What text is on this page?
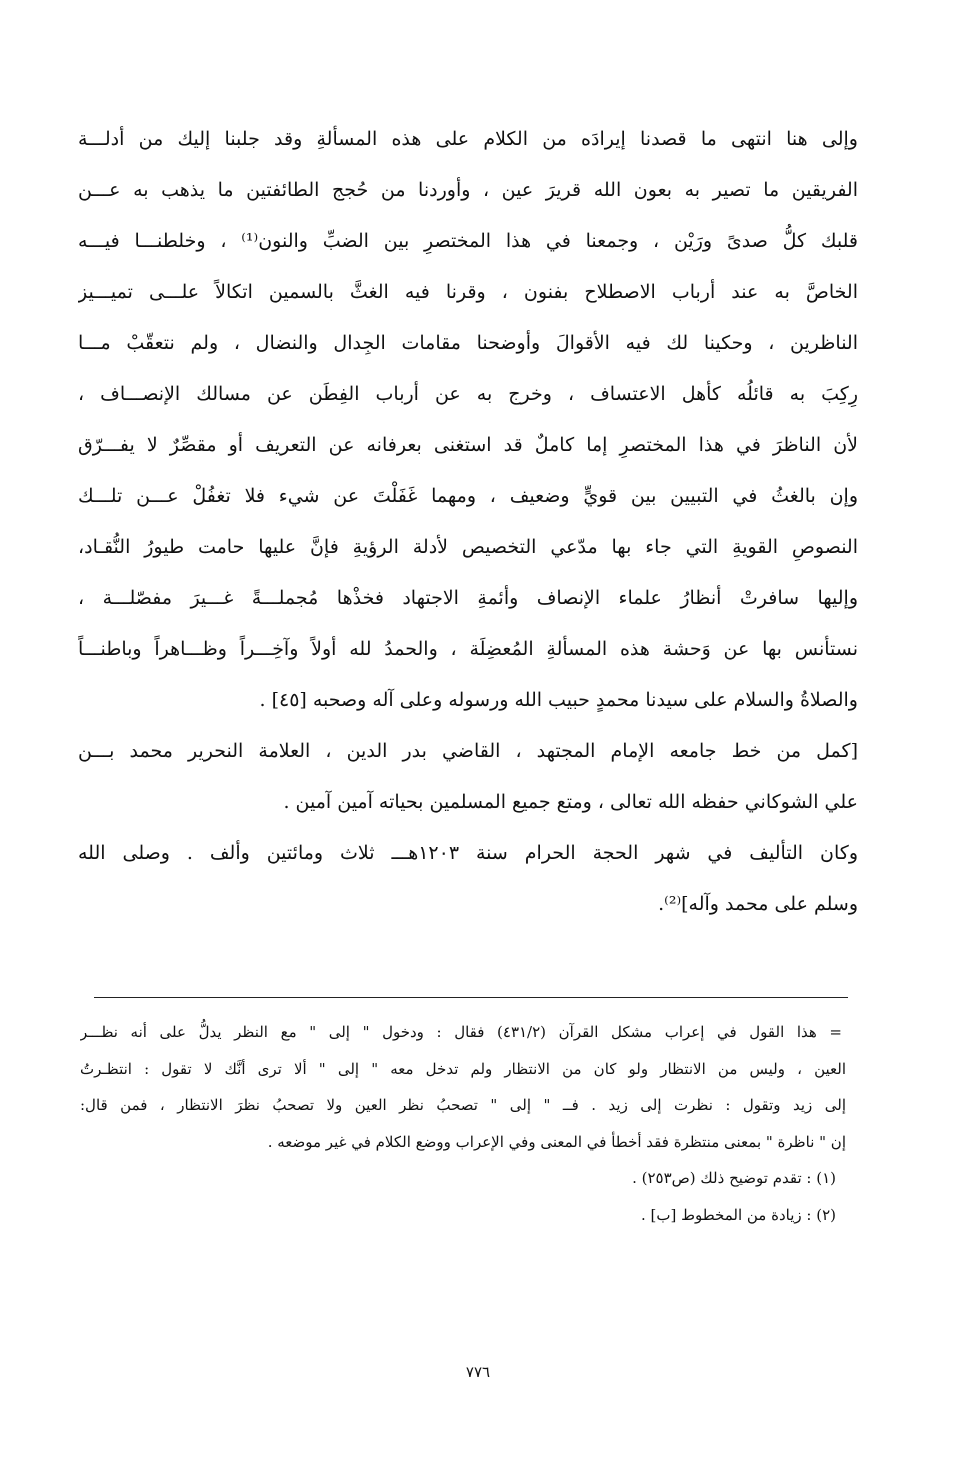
وإلى هنا انتهى ما قصدنا إيرادَه من الكلام على هذه المسألةِ وقد جلبنا إليك من أدلـــة
الفريقين ما تصير به بعون الله قريرَ عين ، وأوردنا من حُجج الطائفتين ما يذهب به عـــن
قلبك كلُّ صدىً ورَيْن ، وجمعنا في هذا المختصرِ بين الضبِّ والنون⁽¹⁾ ، وخلطنـــا فيـــه
الخاصَّ به عند أرباب الاصطلاح بفنون ، وقرنا فيه الغثَّ بالسمين اتكالاً علـــى تميـــيز
الناظرين ، وحكينا لك فيه الأقوالَ وأوضحنا مقامات الجِدال والنضال ، ولم نتعقّبْ مـــا
رِكِبَ به قائلُه كأهل الاعتساف ، وخرج به عن أرباب الفِطَن عن مسالك الإنصـــاف ،
لأن الناظرَ في هذا المختصرِ إما كاملٌ قد استغنى بعرفانه عن التعريف أو مقصِّرٌ لا يفـــرّق
وإن بالغثُ في التبيين بين قويٍّ وضعيف ، ومهما غَفَلْتَ عن شيء فلا تغفُلْ عـــن تلـــك
النصوصِ القويةِ التي جاء بها مدّعي التخصيص لأدلة الرؤيةِ فإنَّ عليها حامت طيورُ النُّقـاد،
وإليها سافرتْ أنظارُ علماء الإنصاف وأئمةِ الاجتهاد فخذْها مُجملـــةً غـــيرَ مفصّلـــة ،
نستأنس بها عن وَحشة هذه المسألةِ المُعضِلَة ، والحمدُ لله أولاً وآخِـــراً وظـــاهراً وباطنـــاً
والصلاةُ والسلام على سيدنا محمدٍ حبيب الله ورسوله وعلى آله وصحبه [٤٥] .
[كمل من خط جامعه الإمام المجتهد ، القاضي بدر الدين ، العلامة النحرير محمد بـــن
علي الشوكاني حفظه الله تعالى ، ومتع جميع المسلمين بحياته آمين آمين .
وكان التأليف في شهر الحجة الحرام سنة ١٢٠٣هـــ ثلاث ومائتين وألف . وصلى الله
وسلم على محمد وآله]⁽²⁾.
= هذا القول في إعراب مشكل القرآن (٤٣١/٢) فقال : ودخول " إلى " مع النظر يدلُّ على أنه نظـــر
العين ، وليس من الانتظار ولو كان من الانتظار ولم تدخل معه " إلى " ألا ترى أنَّك لا تقول : انتظـرتُ
إلى زيد وتقول : نظرت إلى زيد . فــ " إلى " تصحبُ نظر العين ولا تصحبُ نظرَ الانتظار ، فمن قال:
إن " ناظرة " بمعنى منتظرة فقد أخطأ في المعنى وفي الإعراب ووضع الكلام في غير موضعه .
(١) : تقدم توضيح ذلك (ص٢٥٣) .
(٢) : زيادة من المخطوط [ب] .
٧٧٦
